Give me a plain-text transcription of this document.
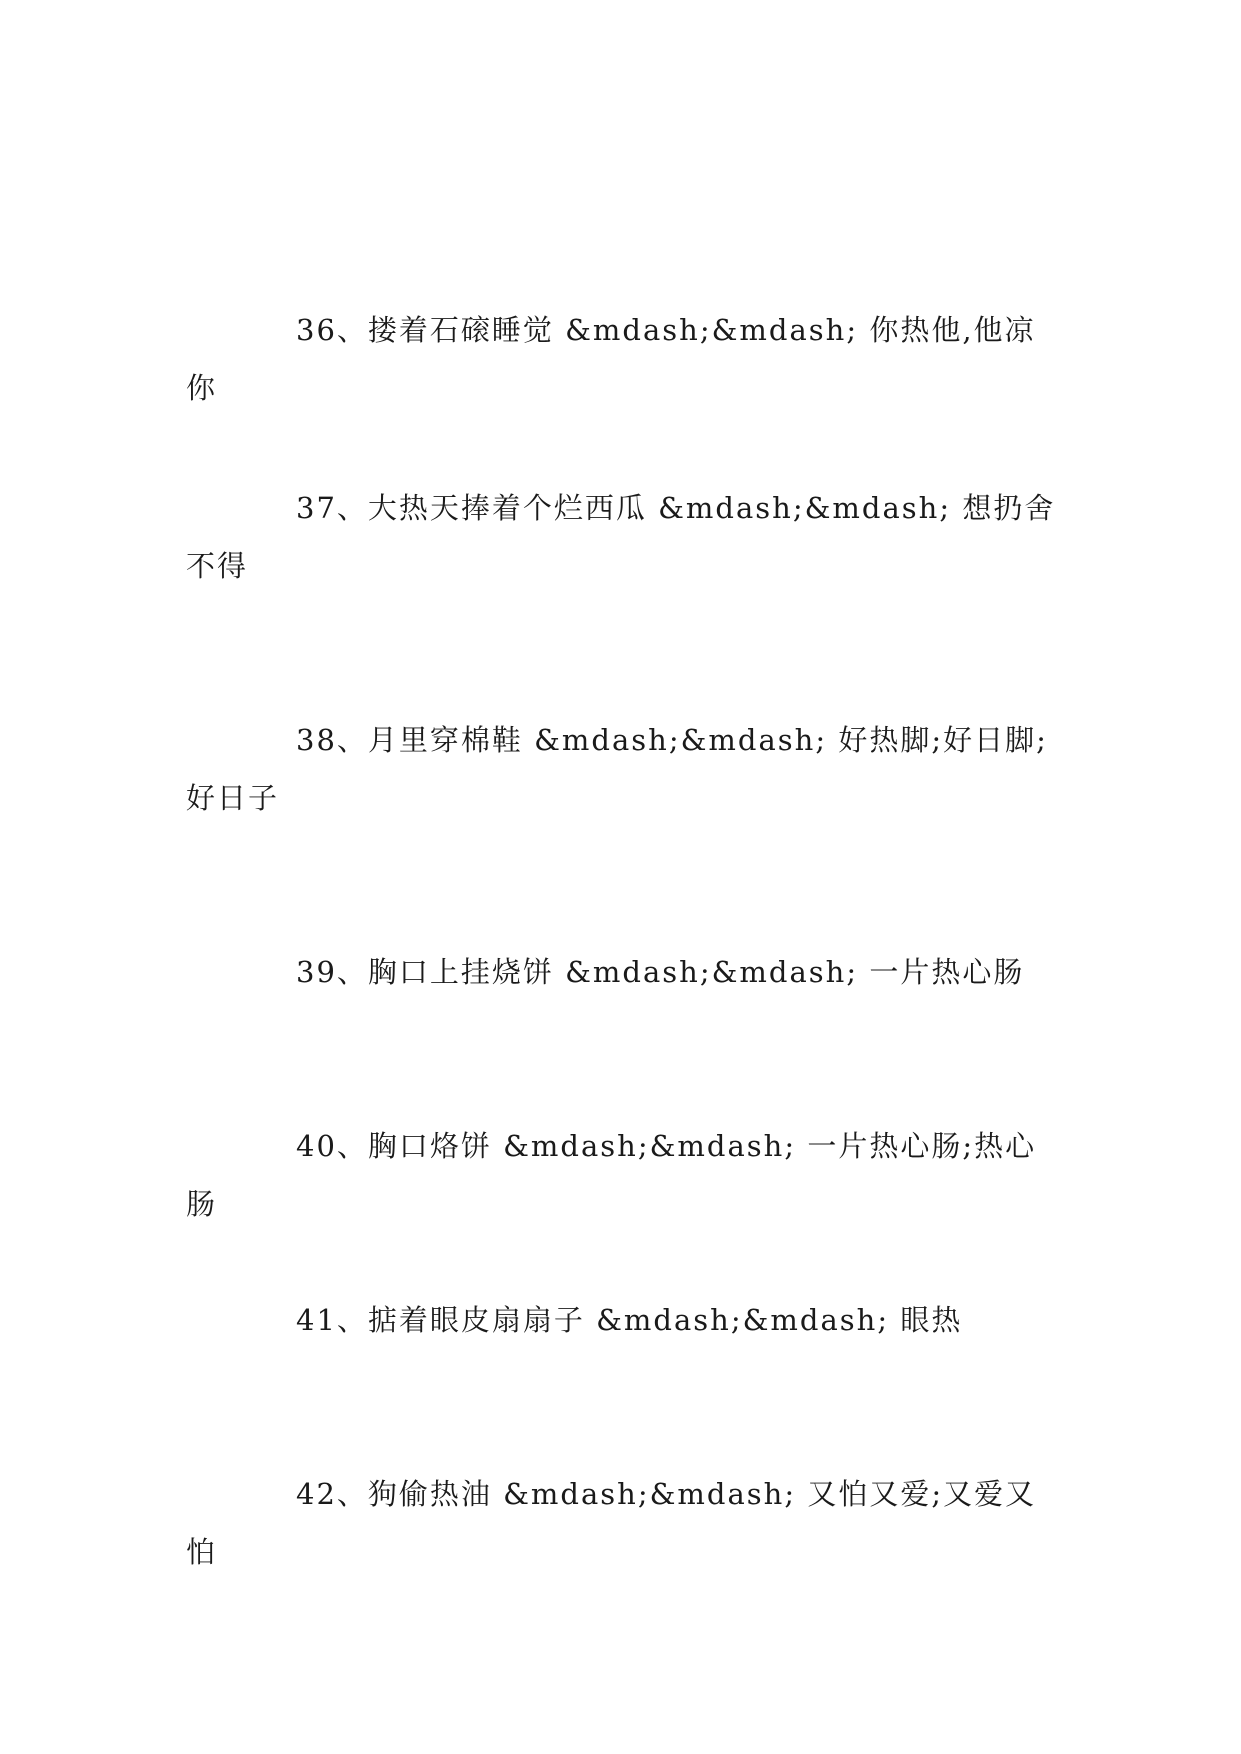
36、搂着石磙睡觉 &mdash;&mdash; 你热他,他凉你

37、大热天捧着个烂西瓜 &mdash;&mdash; 想扔舍不得

38、月里穿棉鞋 &mdash;&mdash; 好热脚;好日脚;好日子

39、胸口上挂烧饼 &mdash;&mdash; 一片热心肠

40、胸口烙饼 &mdash;&mdash; 一片热心肠;热心肠

41、掂着眼皮扇扇子 &mdash;&mdash; 眼热

42、狗偷热油 &mdash;&mdash; 又怕又爱;又爱又怕
